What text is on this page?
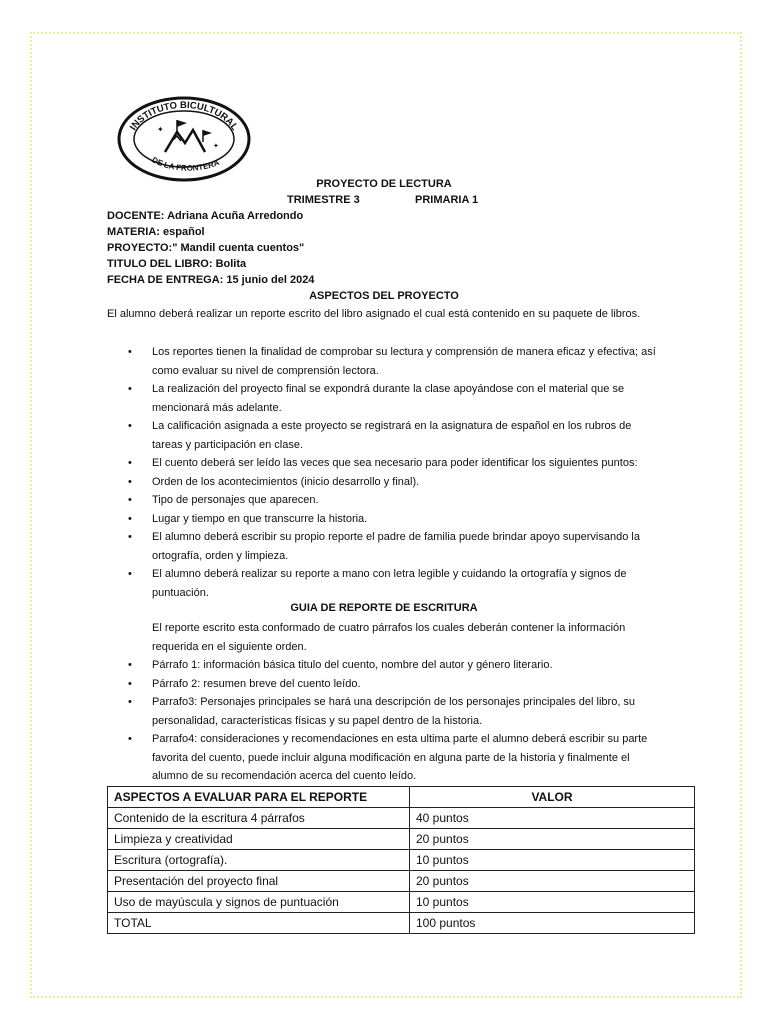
INSTITUTO BICULTURAL
DE LA FRONTERA
✦
✦
PROYECTO DE LECTURA
TRIMESTRE 3	PRIMARIA 1
DOCENTE: Adriana Acuña Arredondo
MATERIA: español
PROYECTO:" Mandil cuenta cuentos"
TITULO DEL LIBRO: Bolita
FECHA DE ENTREGA: 15 junio del 2024
ASPECTOS DEL PROYECTO
El alumno deberá realizar un reporte escrito del libro asignado el cual está contenido en su paquete de libros.
• Los reportes tienen la finalidad de comprobar su lectura y comprensión de manera eficaz y efectiva; así como evaluar su nivel de comprensión lectora.
• La realización del proyecto final se expondrá durante la clase apoyándose con el material que se mencionará más adelante.
• La calificación asignada a este proyecto se registrará en la asignatura de español en los rubros de tareas y participación en clase.
• El cuento deberá ser leído las veces que sea necesario para poder identificar los siguientes puntos:
• Orden de los acontecimientos (inicio desarrollo y final).
• Tipo de personajes que aparecen.
• Lugar y tiempo en que transcurre la historia.
• El alumno deberá escribir su propio reporte el padre de familia puede brindar apoyo supervisando la ortografía, orden y limpieza.
• El alumno deberá realizar su reporte a mano con letra legible y cuidando la ortografía y signos de puntuación.
GUIA DE REPORTE DE ESCRITURA
El reporte escrito esta conformado de cuatro párrafos los cuales deberán contener la información requerida en el siguiente orden.
• Párrafo 1: información básica titulo del cuento, nombre del autor y género literario.
• Párrafo 2: resumen breve del cuento leído.
• Parrafo3: Personajes principales se hará una descripción de los personajes principales del libro, su personalidad, características físicas y su papel dentro de la historia.
• Parrafo4: consideraciones y recomendaciones en esta ultima parte el alumno deberá escribir su parte favorita del cuento, puede incluir alguna modificación en alguna parte de la historia y finalmente el alumno de su recomendación acerca del cuento leído.
ASPECTOS A EVALUAR PARA EL REPORTE	VALOR
Contenido de la escritura 4 párrafos	40 puntos
Limpieza y creatividad	20 puntos
Escritura (ortografía).	10 puntos
Presentación del proyecto final	20 puntos
Uso de mayúscula y signos de puntuación	10 puntos
TOTAL	100 puntos
